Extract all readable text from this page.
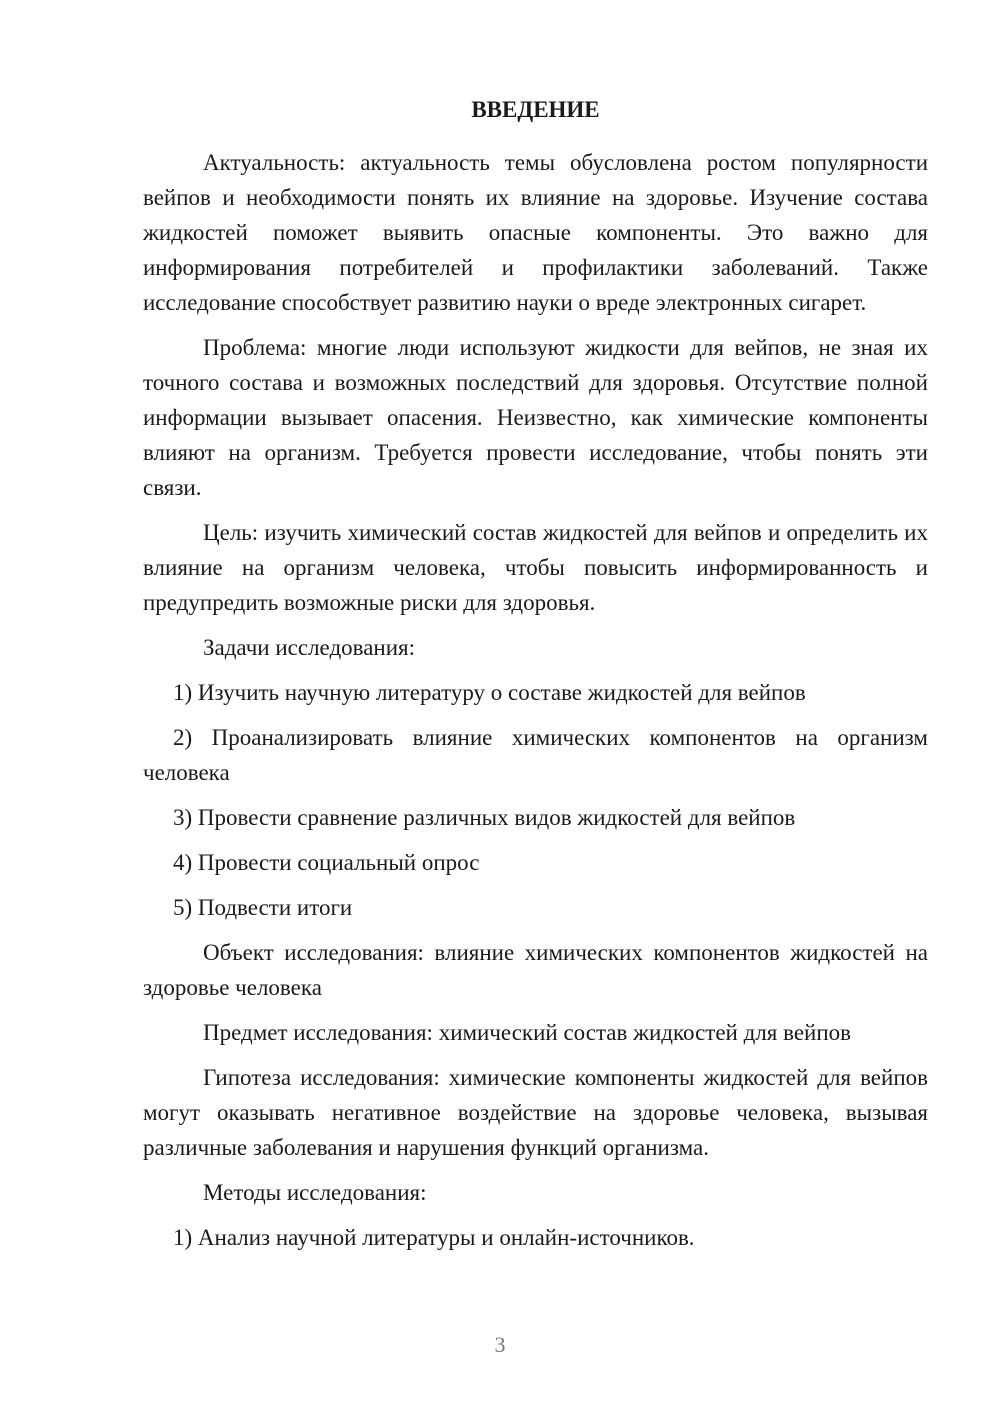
ВВЕДЕНИЕ

Актуальность: актуальность темы обусловлена ростом популярности вейпов и необходимости понять их влияние на здоровье. Изучение состава жидкостей поможет выявить опасные компоненты. Это важно для информирования потребителей и профилактики заболеваний. Также исследование способствует развитию науки о вреде электронных сигарет.

Проблема: многие люди используют жидкости для вейпов, не зная их точного состава и возможных последствий для здоровья. Отсутствие полной информации вызывает опасения. Неизвестно, как химические компоненты влияют на организм. Требуется провести исследование, чтобы понять эти связи.

Цель: изучить химический состав жидкостей для вейпов и определить их влияние на организм человека, чтобы повысить информированность и предупредить возможные риски для здоровья.

Задачи исследования:

1) Изучить научную литературу о составе жидкостей для вейпов

2) Проанализировать влияние химических компонентов на организм человека

3) Провести сравнение различных видов жидкостей для вейпов

4) Провести социальный опрос

5) Подвести итоги

Объект исследования: влияние химических компонентов жидкостей на здоровье человека

Предмет исследования: химический состав жидкостей для вейпов

Гипотеза исследования: химические компоненты жидкостей для вейпов могут оказывать негативное воздействие на здоровье человека, вызывая различные заболевания и нарушения функций организма.

Методы исследования:

1) Анализ научной литературы и онлайн-источников.

3
